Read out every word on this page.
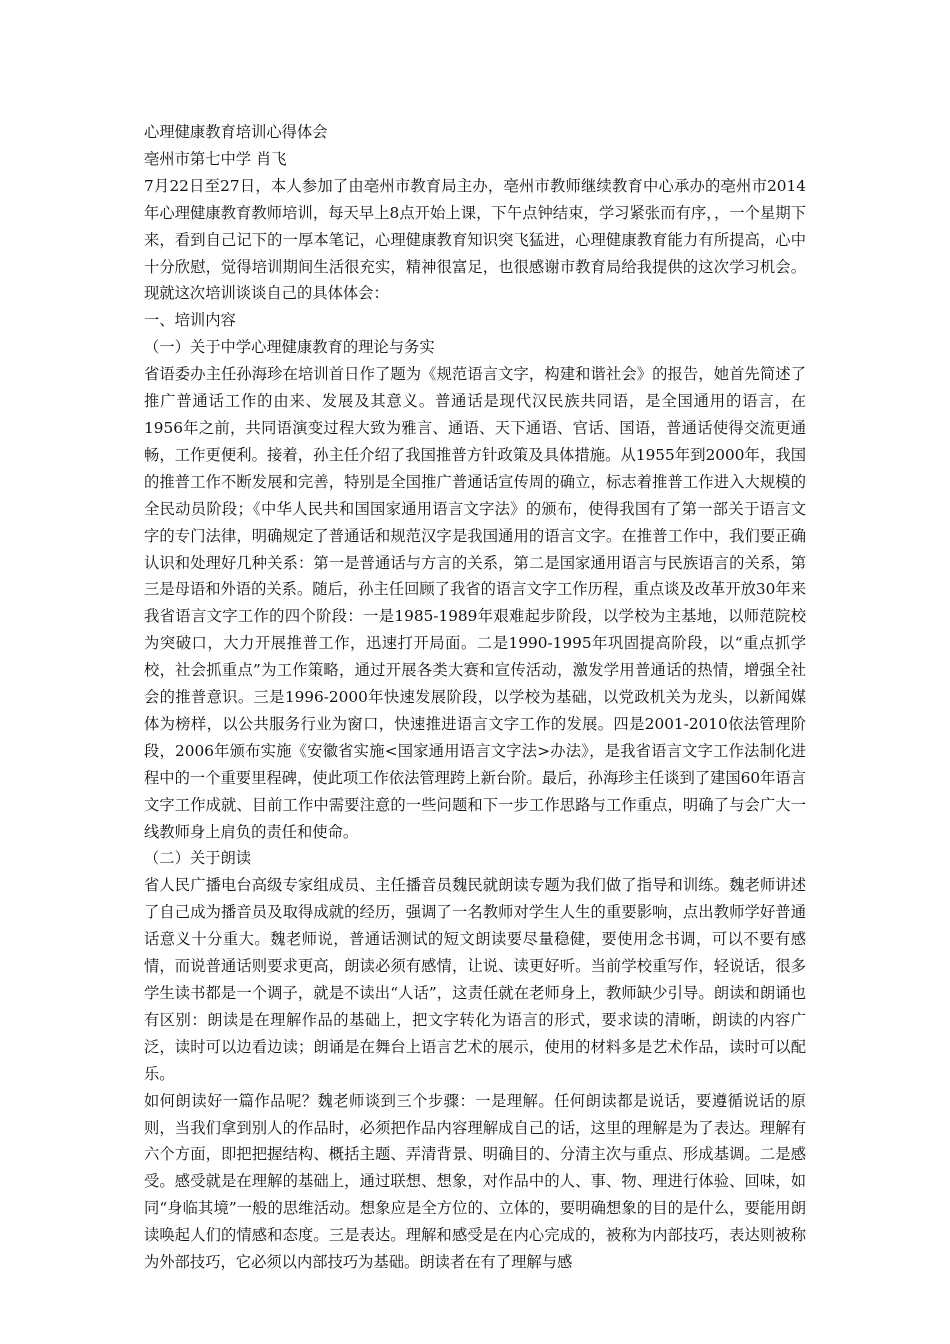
心理健康教育培训心得体会

亳州市第七中学 肖飞

7月22日至27日，本人参加了由亳州市教育局主办，亳州市教师继续教育中心承办的亳州市2014年心理健康教育教师培训，每天早上8点开始上课，下午点钟结束，学习紧张而有序，，一个星期下来，看到自己记下的一厚本笔记，心理健康教育知识突飞猛进，心理健康教育能力有所提高，心中十分欣慰，觉得培训期间生活很充实，精神很富足，也很感谢市教育局给我提供的这次学习机会。现就这次培训谈谈自己的具体体会：

一、培训内容

（一）关于中学心理健康教育的理论与务实

省语委办主任孙海珍在培训首日作了题为《规范语言文字，构建和谐社会》的报告，她首先简述了推广普通话工作的由来、发展及其意义。普通话是现代汉民族共同语，是全国通用的语言，在1956年之前，共同语演变过程大致为雅言、通语、天下通语、官话、国语，普通话使得交流更通畅，工作更便利。接着，孙主任介绍了我国推普方针政策及具体措施。从1955年到2000年，我国的推普工作不断发展和完善，特别是全国推广普通话宣传周的确立，标志着推普工作进入大规模的全民动员阶段；《中华人民共和国国家通用语言文字法》的颁布，使得我国有了第一部关于语言文字的专门法律，明确规定了普通话和规范汉字是我国通用的语言文字。在推普工作中，我们要正确认识和处理好几种关系：第一是普通话与方言的关系，第二是国家通用语言与民族语言的关系，第三是母语和外语的关系。随后，孙主任回顾了我省的语言文字工作历程，重点谈及改革开放30年来我省语言文字工作的四个阶段：一是1985-1989年艰难起步阶段，以学校为主基地，以师范院校为突破口，大力开展推普工作，迅速打开局面。二是1990-1995年巩固提高阶段，以“重点抓学校，社会抓重点”为工作策略，通过开展各类大赛和宣传活动，激发学用普通话的热情，增强全社会的推普意识。三是1996-2000年快速发展阶段，以学校为基础，以党政机关为龙头，以新闻媒体为榜样，以公共服务行业为窗口，快速推进语言文字工作的发展。四是2001-2010依法管理阶段，2006年颁布实施《安徽省实施<国家通用语言文字法>办法》，是我省语言文字工作法制化进程中的一个重要里程碑，使此项工作依法管理跨上新台阶。最后，孙海珍主任谈到了建国60年语言文字工作成就、目前工作中需要注意的一些问题和下一步工作思路与工作重点，明确了与会广大一线教师身上肩负的责任和使命。

（二）关于朗读

省人民广播电台高级专家组成员、主任播音员魏民就朗读专题为我们做了指导和训练。魏老师讲述了自己成为播音员及取得成就的经历，强调了一名教师对学生人生的重要影响，点出教师学好普通话意义十分重大。魏老师说，普通话测试的短文朗读要尽量稳健，要使用念书调，可以不要有感情，而说普通话则要求更高，朗读必须有感情，让说、读更好听。当前学校重写作，轻说话，很多学生读书都是一个调子，就是不读出“人话”，这责任就在老师身上，教师缺少引导。朗读和朗诵也有区别：朗读是在理解作品的基础上，把文字转化为语言的形式，要求读的清晰，朗读的内容广泛，读时可以边看边读；朗诵是在舞台上语言艺术的展示，使用的材料多是艺术作品，读时可以配乐。

如何朗读好一篇作品呢？魏老师谈到三个步骤：一是理解。任何朗读都是说话，要遵循说话的原则，当我们拿到别人的作品时，必须把作品内容理解成自己的话，这里的理解是为了表达。理解有六个方面，即把把握结构、概括主题、弄清背景、明确目的、分清主次与重点、形成基调。二是感受。感受就是在理解的基础上，通过联想、想象，对作品中的人、事、物、理进行体验、回味，如同“身临其境”一般的思维活动。想象应是全方位的、立体的，要明确想象的目的是什么，要能用朗读唤起人们的情感和态度。三是表达。理解和感受是在内心完成的，被称为内部技巧，表达则被称为外部技巧，它必须以内部技巧为基础。朗读者在有了理解与感
